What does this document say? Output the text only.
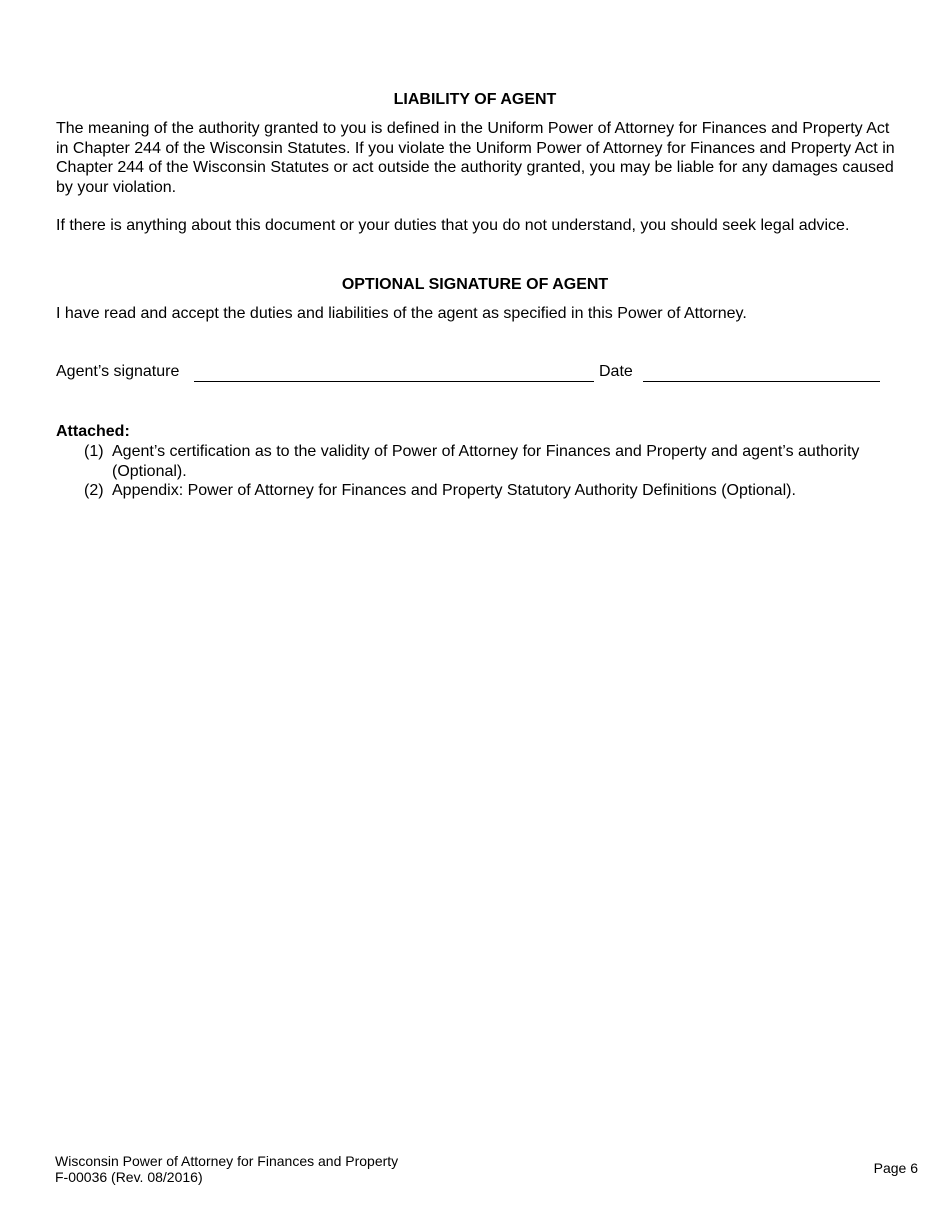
LIABILITY OF AGENT

The meaning of the authority granted to you is defined in the Uniform Power of Attorney for Finances and Property Act in Chapter 244 of the Wisconsin Statutes. If you violate the Uniform Power of Attorney for Finances and Property Act in Chapter 244 of the Wisconsin Statutes or act outside the authority granted, you may be liable for any damages caused by your violation.

If there is anything about this document or your duties that you do not understand, you should seek legal advice.

OPTIONAL SIGNATURE OF AGENT

I have read and accept the duties and liabilities of the agent as specified in this Power of Attorney.

Agent’s signature	Date
Attached:
(1) Agent’s certification as to the validity of Power of Attorney for Finances and Property and agent’s authority (Optional).
(2) Appendix: Power of Attorney for Finances and Property Statutory Authority Definitions (Optional).
Wisconsin Power of Attorney for Finances and Property
F-00036 (Rev. 08/2016)
Page 6
